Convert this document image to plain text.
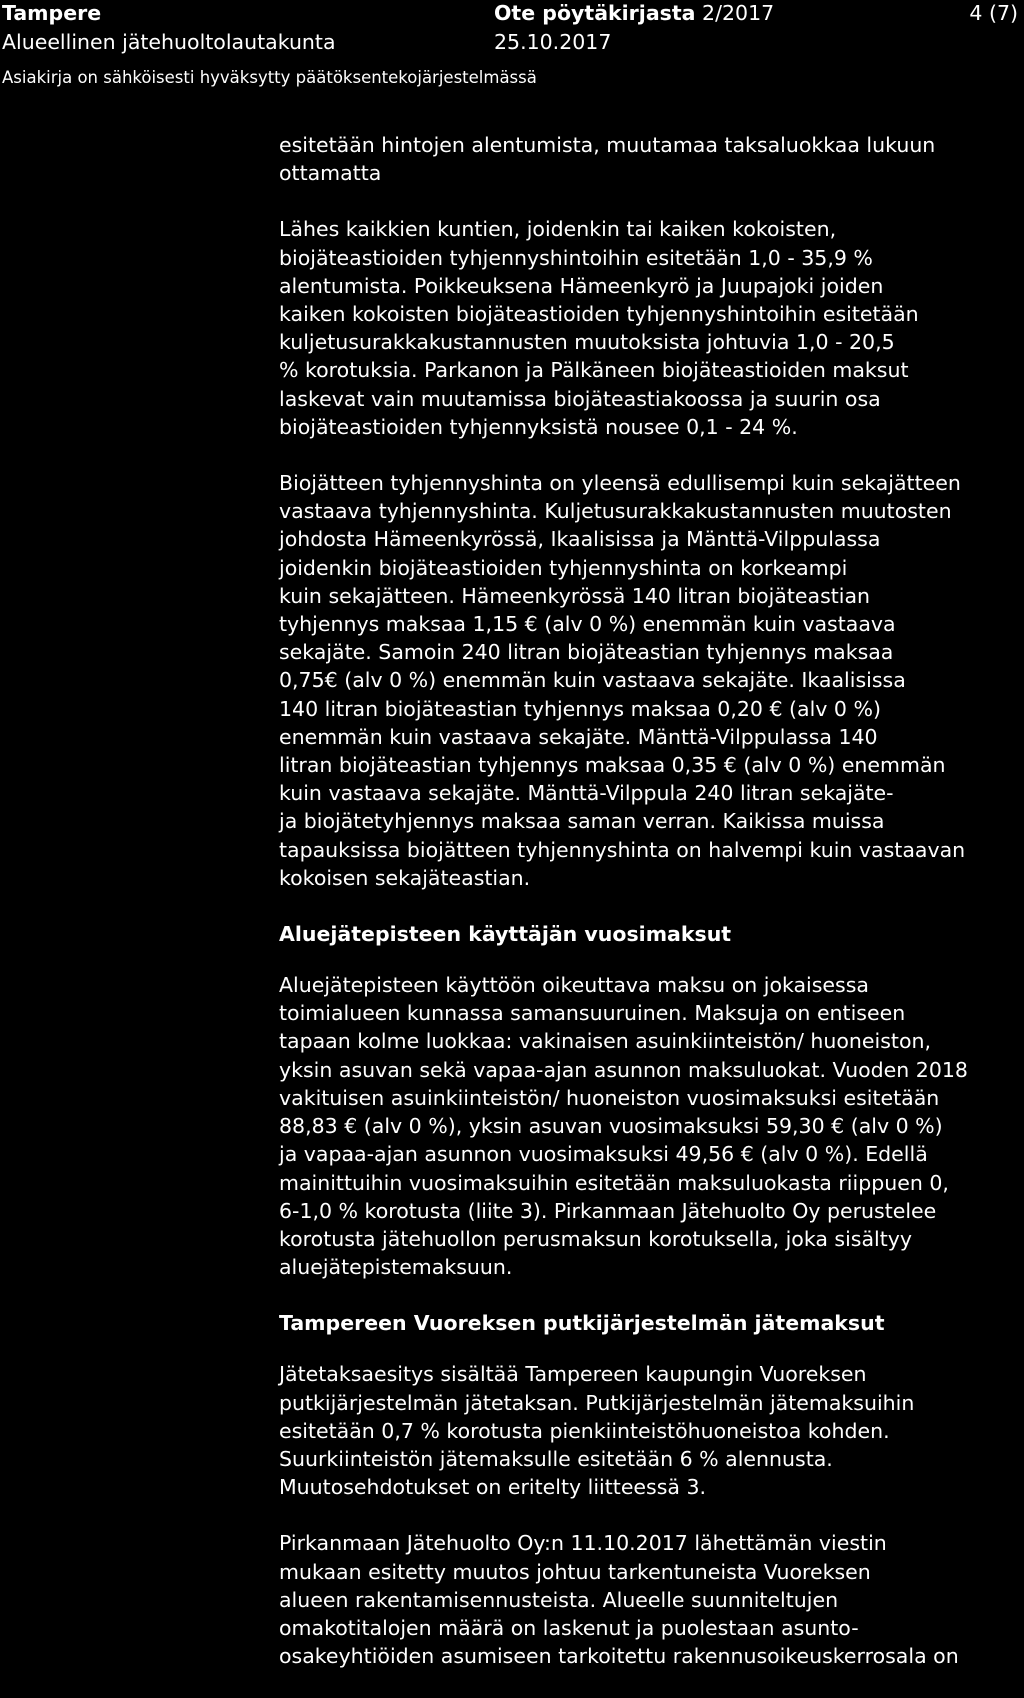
Tampere
Alueellinen jätehuoltolautakunta
Ote pöytäkirjasta 2/2017
25.10.2017
4 (7)
Asiakirja on sähköisesti hyväksytty päätöksentekojärjestelmässä

esitetään hintojen alentumista, muutamaa taksaluokkaa lukuun
ottamatta

Lähes kaikkien kuntien, joidenkin tai kaiken kokoisten,
biojäteastioiden tyhjennyshintoihin esitetään 1,0 - 35,9 %
alentumista. Poikkeuksena Hämeenkyrö ja Juupajoki joiden
kaiken kokoisten biojäteastioiden tyhjennyshintoihin esitetään
kuljetusurakkakustannusten muutoksista johtuvia 1,0 - 20,5
% korotuksia. Parkanon ja Pälkäneen biojäteastioiden maksut
laskevat vain muutamissa biojäteastiakoossa ja suurin osa
biojäteastioiden tyhjennyksistä nousee 0,1 - 24 %.

Biojätteen tyhjennyshinta on yleensä edullisempi kuin sekajätteen
vastaava tyhjennyshinta. Kuljetusurakkakustannusten muutosten
johdosta Hämeenkyrössä, Ikaalisissa ja Mänttä-Vilppulassa
joidenkin biojäteastioiden tyhjennyshinta on korkeampi
kuin sekajätteen. Hämeenkyrössä 140 litran biojäteastian
tyhjennys maksaa 1,15 € (alv 0 %) enemmän kuin vastaava
sekajäte. Samoin 240 litran biojäteastian tyhjennys maksaa
0,75€ (alv 0 %) enemmän kuin vastaava sekajäte. Ikaalisissa
140 litran biojäteastian tyhjennys maksaa 0,20 € (alv 0 %)
enemmän kuin vastaava sekajäte. Mänttä-Vilppulassa 140
litran biojäteastian tyhjennys maksaa 0,35 € (alv 0 %) enemmän
kuin vastaava sekajäte. Mänttä-Vilppula 240 litran sekajäte-
ja biojätetyhjennys maksaa saman verran. Kaikissa muissa
tapauksissa biojätteen tyhjennyshinta on halvempi kuin vastaavan
kokoisen sekajäteastian.

Aluejätepisteen käyttäjän vuosimaksut

Aluejätepisteen käyttöön oikeuttava maksu on jokaisessa
toimialueen kunnassa samansuuruinen. Maksuja on entiseen
tapaan kolme luokkaa: vakinaisen asuinkiinteistön/ huoneiston,
yksin asuvan sekä vapaa-ajan asunnon maksuluokat. Vuoden 2018
vakituisen asuinkiinteistön/ huoneiston vuosimaksuksi esitetään
88,83 € (alv 0 %), yksin asuvan vuosimaksuksi 59,30 € (alv 0 %)
ja vapaa-ajan asunnon vuosimaksuksi 49,56 € (alv 0 %). Edellä
mainittuihin vuosimaksuihin esitetään maksuluokasta riippuen 0,
6-1,0 % korotusta (liite 3). Pirkanmaan Jätehuolto Oy perustelee
korotusta jätehuollon perusmaksun korotuksella, joka sisältyy
aluejätepistemaksuun.

Tampereen Vuoreksen putkijärjestelmän jätemaksut

Jätetaksaesitys sisältää Tampereen kaupungin Vuoreksen
putkijärjestelmän jätetaksan. Putkijärjestelmän jätemaksuihin
esitetään 0,7 % korotusta pienkiinteistöhuoneistoa kohden.
Suurkiinteistön jätemaksulle esitetään 6 % alennusta.
Muutosehdotukset on eritelty liitteessä 3.

Pirkanmaan Jätehuolto Oy:n 11.10.2017 lähettämän viestin
mukaan esitetty muutos johtuu tarkentuneista Vuoreksen
alueen rakentamisennusteista. Alueelle suunniteltujen
omakotitalojen määrä on laskenut ja puolestaan asunto-
osakeyhtiöiden asumiseen tarkoitettu rakennusoikeuskerrosala on
